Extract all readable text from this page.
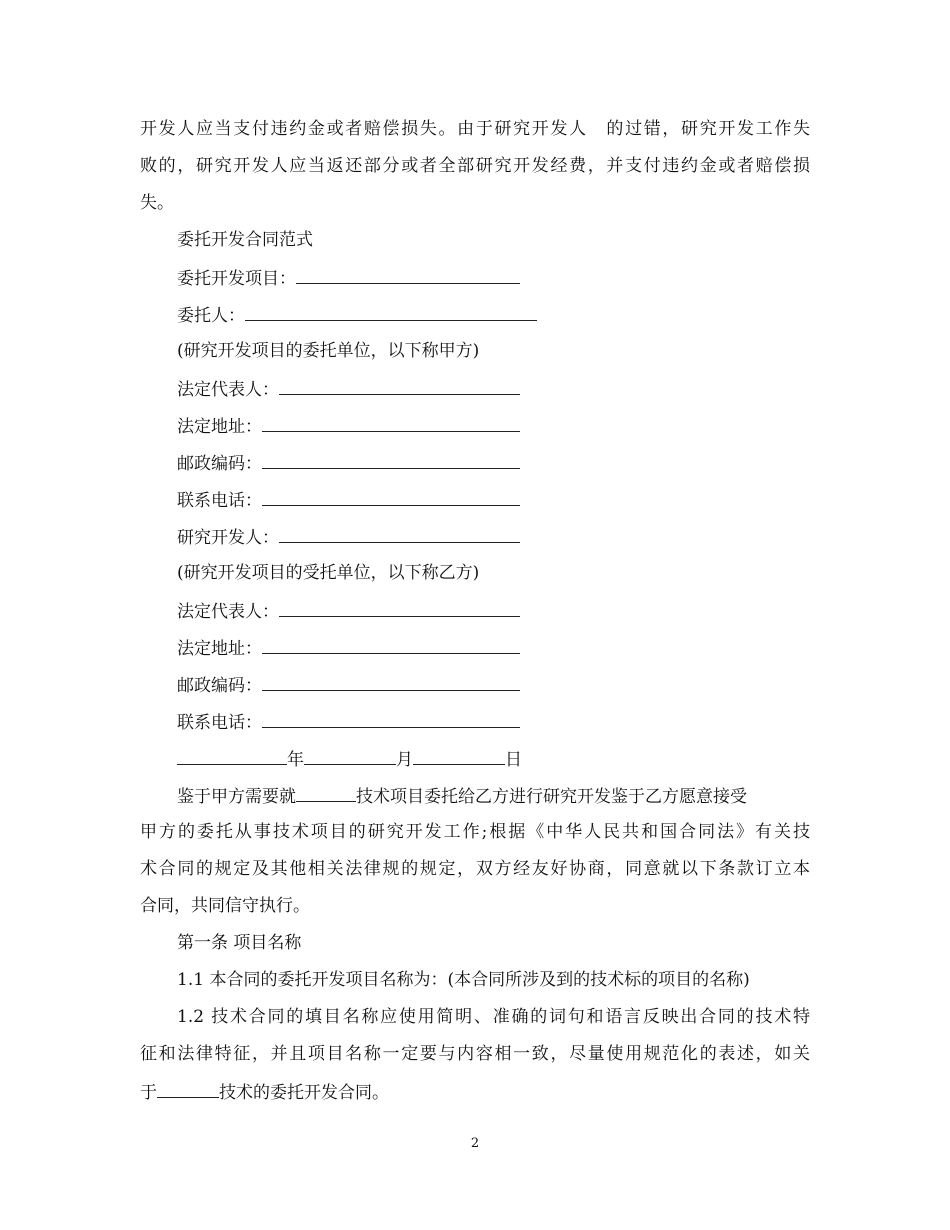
开发人应当支付违约金或者赔偿损失。由于研究开发人　的过错，研究开发工作失
败的，研究开发人应当返还部分或者全部研究开发经费，并支付违约金或者赔偿损
失。
委托开发合同范式
委托开发项目：
委托人：
(研究开发项目的委托单位，以下称甲方)
法定代表人：
法定地址：
邮政编码：
联系电话：
研究开发人：
(研究开发项目的受托单位，以下称乙方)
法定代表人：
法定地址：
邮政编码：
联系电话：
年	月	日
鉴于甲方需要就	技术项目委托给乙方进行研究开发鉴于乙方愿意接受
甲方的委托从事技术项目的研究开发工作;根据《中华人民共和国合同法》有关技
术合同的规定及其他相关法律规的规定，双方经友好协商，同意就以下条款订立本
合同，共同信守执行。
第一条 项目名称
1.1 本合同的委托开发项目名称为：(本合同所涉及到的技术标的项目的名称)
1.2 技术合同的填目名称应使用简明、准确的词句和语言反映出合同的技术特
征和法律特征，并且项目名称一定要与内容相一致，尽量使用规范化的表述，如关
于	技术的委托开发合同。
2
